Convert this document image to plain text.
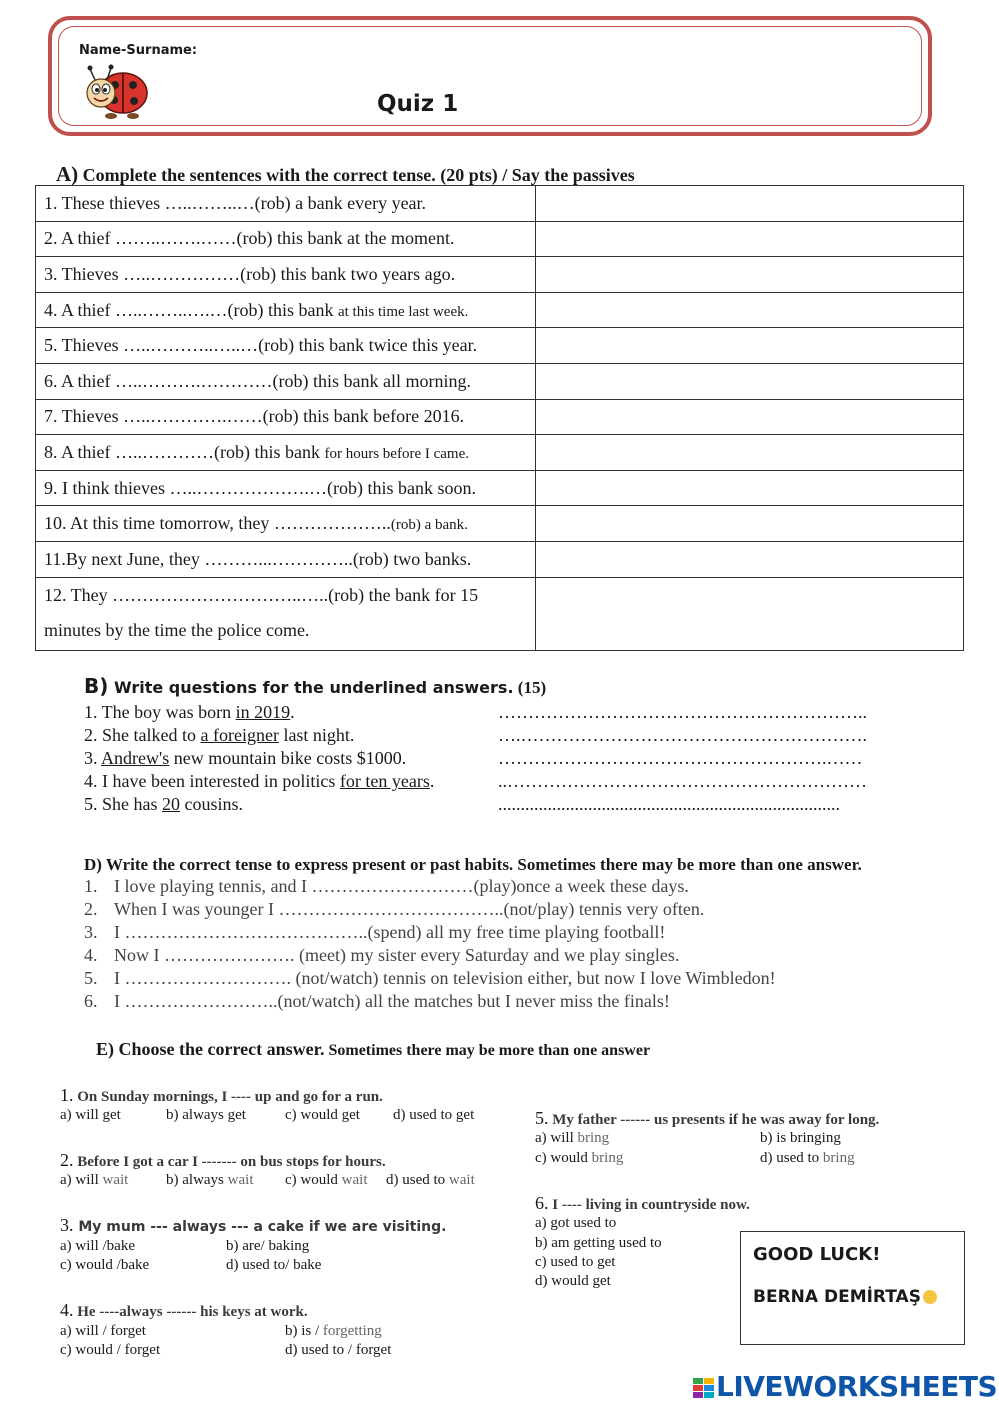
Name-Surname:
Quiz 1
A) Complete the sentences with the correct tense. (20 pts) / Say the passives
1. These thieves …..……..…(rob) a bank every year.	
2. A thief ……..…….……(rob) this bank at the moment.	
3. Thieves …..……………(rob) this bank two years ago.	
4. A thief …..……..….…(rob) this bank at this time last week.	
5. Thieves …..………..…..…(rob) this bank twice this year.	
6. A thief …..……….…………(rob) this bank all morning.	
7. Thieves …..………….……(rob) this bank before 2016.	
8. A thief …..…………(rob) this bank for hours before I came.	
9. I think thieves …..……………….…(rob) this bank soon.	
10. At this time tomorrow, they ………………..(rob) a bank.	
11.By next June, they ………...…………..(rob) two banks.	
12. They …………………………..…..(rob) the bank for 15 minutes by the time the police come.	
B) Write questions for the underlined answers. (15)
1. The boy was born in 2019.	……………………………………………………..
2. She talked to a foreigner last night.	….………………………………………………….
3. Andrew's new mountain bike costs $1000.	……………………………………………….……
4. I have been interested in politics for ten years.	..……………………………………………………
5. She has 20 cousins.	............................................................................
D) Write the correct tense to express present or past habits. Sometimes there may be more than one answer.
1. I love playing tennis, and I ………………………(play)once a week these days.
2. When I was younger I ………………………………..(not/play) tennis very often.
3. I …………………………………..(spend) all my free time playing football!
4. Now I …………………. (meet) my sister every Saturday and we play singles.
5. I ………………………. (not/watch) tennis on television either, but now I love Wimbledon!
6. I ……………………..(not/watch) all the matches but I never miss the finals!
E) Choose the correct answer. Sometimes there may be more than one answer
1. On Sunday mornings, I ---- up and go for a run.
a) will get	b) always get	c) would get d) used to get
2. Before I got a car I ------- on bus stops for hours.
a) will wait	b) always wait c) would wait d) used to wait
3. My mum --- always --- a cake if we are visiting.
a) will /bake	b) are/ baking
c) would /bake	d) used to/ bake
4. He ----always ------ his keys at work.
a) will / forget	b) is / forgetting
c) would / forget	d) used to / forget
5. My father ------ us presents if he was away for long.
a) will bring	b) is bringing
c) would bring	d) used to bring
6. I ---- living in countryside now.
a) got used to
b) am getting used to
c) used to get
d) would get
GOOD LUCK!
BERNA DEMİRTAŞ
LIVEWORKSHEETS
